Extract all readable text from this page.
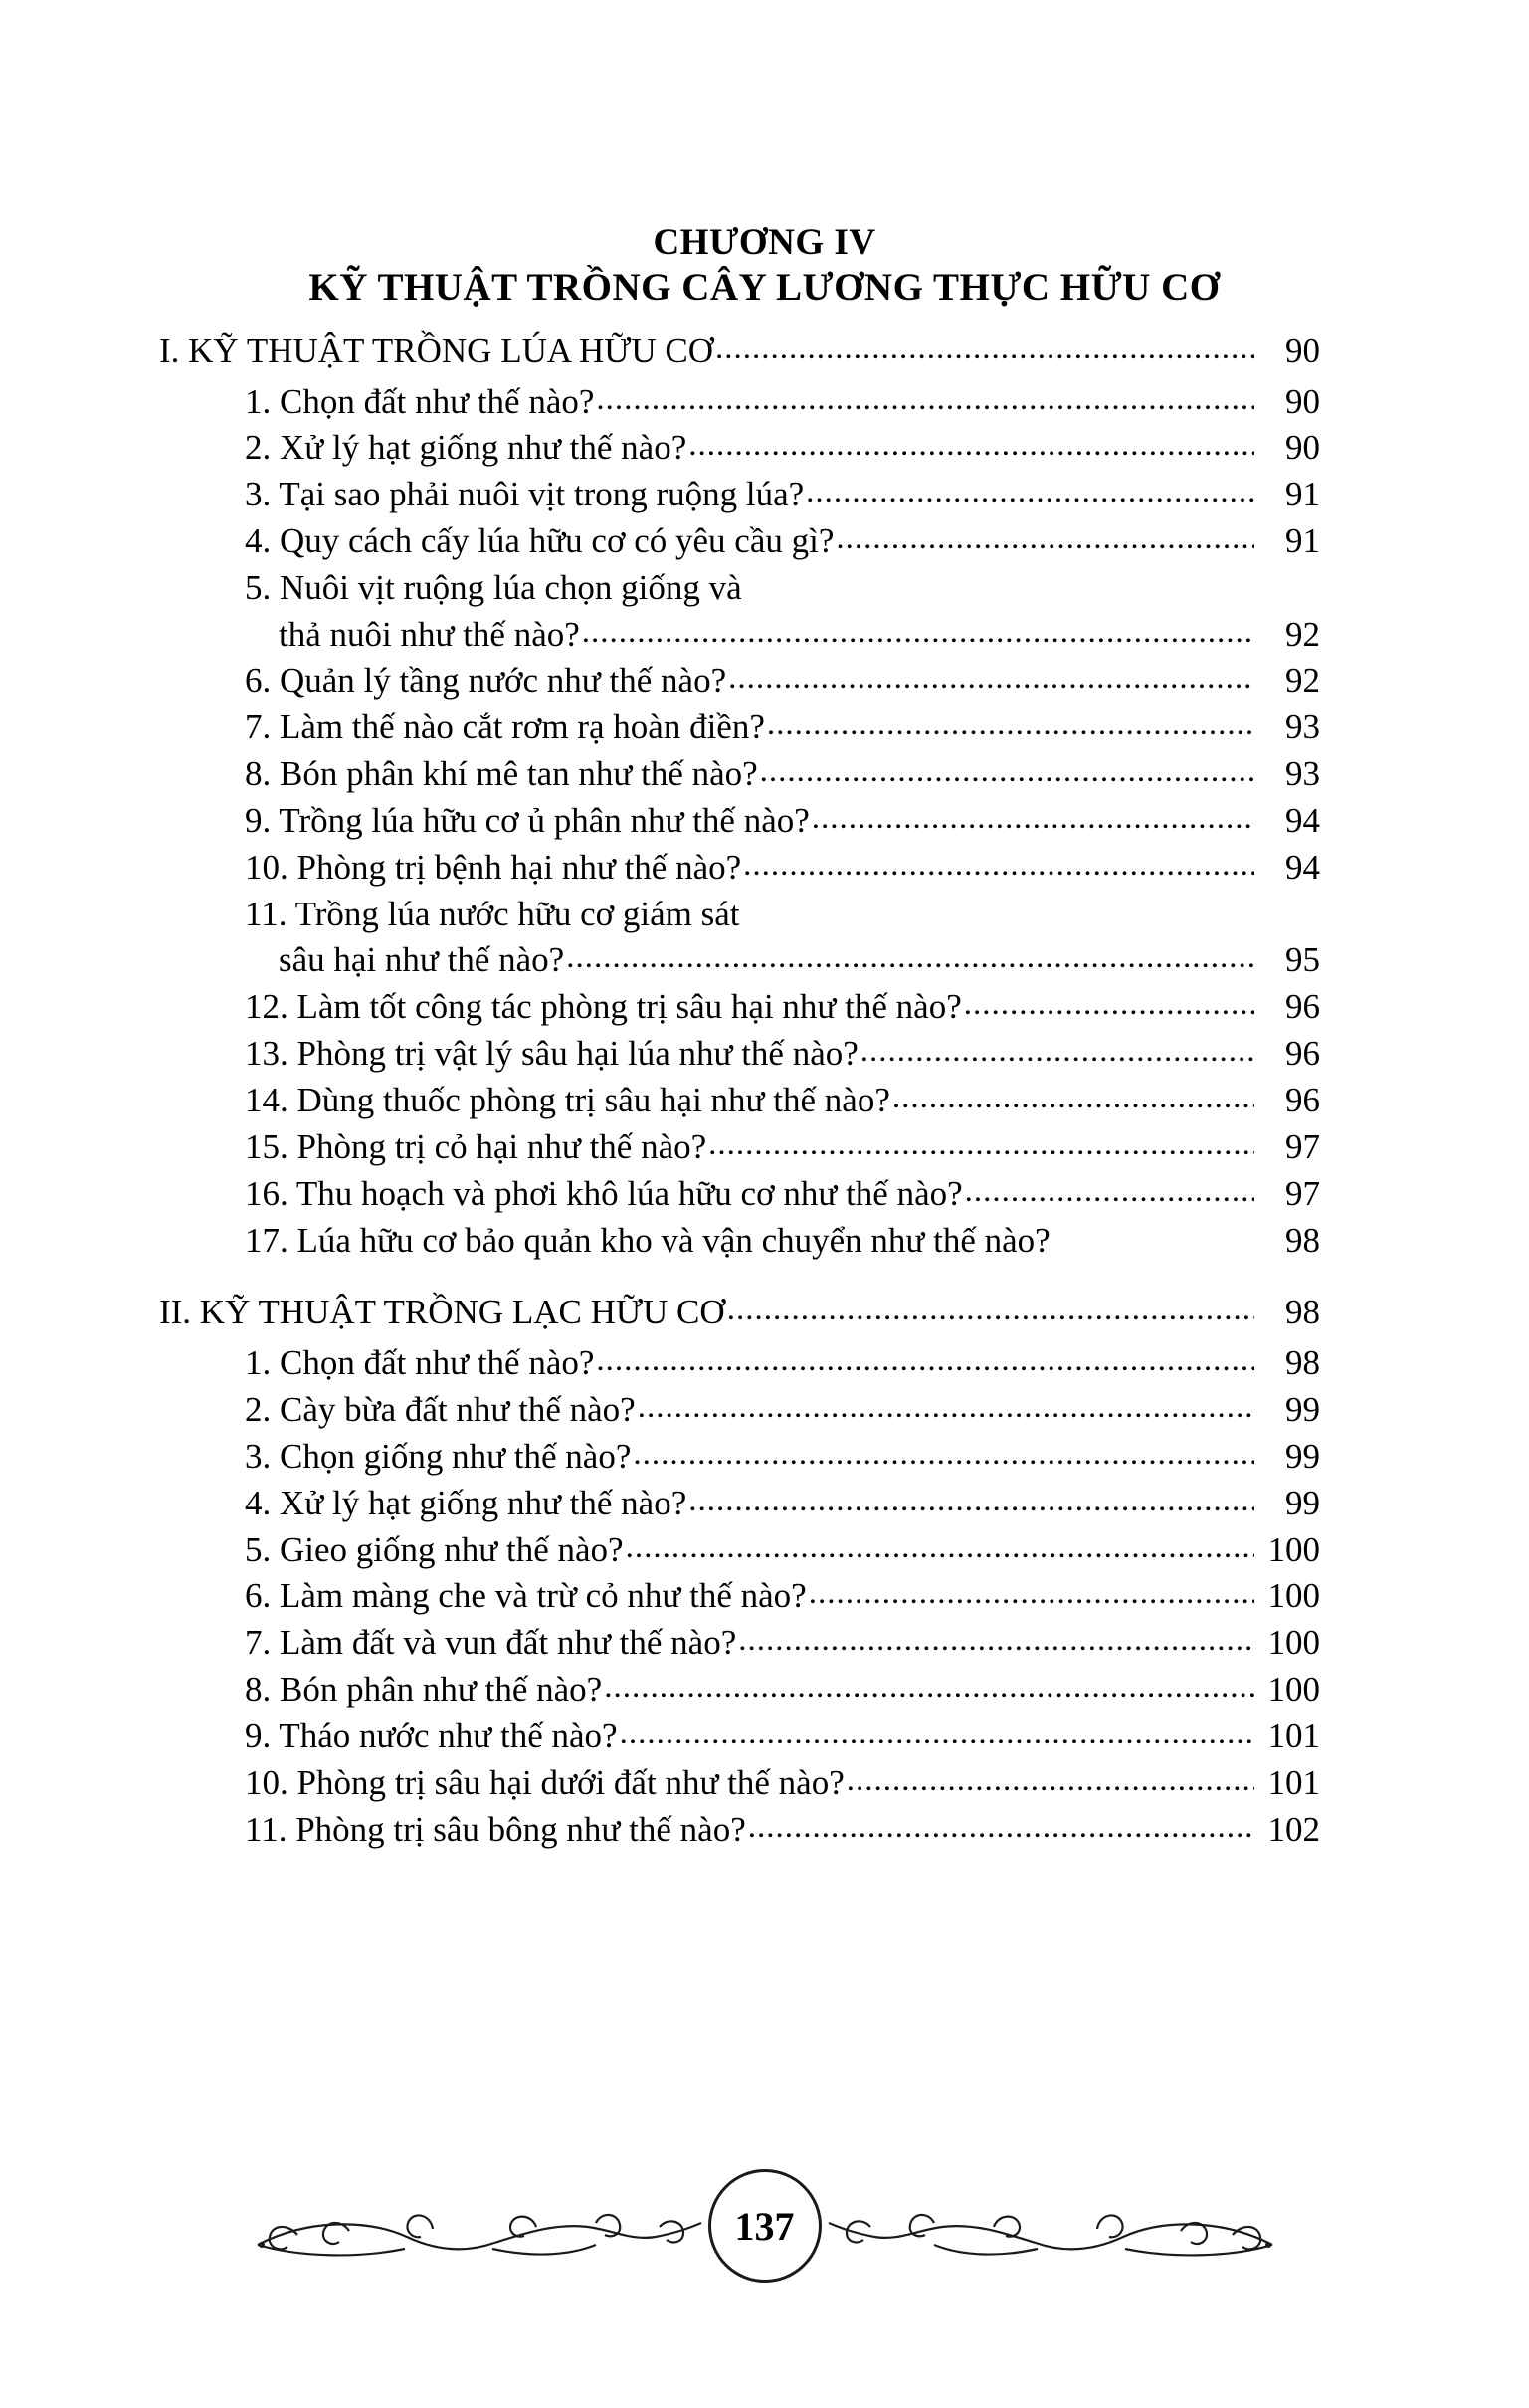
CHƯƠNG IV
KỸ THUẬT TRỒNG CÂY LƯƠNG THỰC HỮU CƠ
I. KỸ THUẬT TRỒNG LÚA HỮU CƠ .....	90
1. Chọn đất như thế nào? .....	90
2. Xử lý hạt giống như thế nào? .....	90
3. Tại sao phải nuôi vịt trong ruộng lúa? .....	91
4. Quy cách cấy lúa hữu cơ có yêu cầu gì? .....	91
5. Nuôi vịt ruộng lúa chọn giống và
thả nuôi như thế nào? .....	92
6. Quản lý tầng nước như thế nào? .....	92
7. Làm thế nào cắt rơm rạ hoàn điền? .....	93
8. Bón phân khí mê tan như thế nào? .....	93
9. Trồng lúa hữu cơ ủ phân như thế nào? .....	94
10. Phòng trị bệnh hại như thế nào? .....	94
11. Trồng lúa nước hữu cơ giám sát
sâu hại như thế nào? .....	95
12. Làm tốt công tác phòng trị sâu hại như thế nào? .....	96
13. Phòng trị vật lý sâu hại lúa như thế nào? .....	96
14. Dùng thuốc phòng trị sâu hại như thế nào? .....	96
15. Phòng trị cỏ hại như thế nào? .....	97
16. Thu hoạch và phơi khô lúa hữu cơ như thế nào? .....	97
17. Lúa hữu cơ bảo quản kho và vận chuyển như thế nào?	98
II. KỸ THUẬT TRỒNG LẠC HỮU CƠ .....	98
1. Chọn đất như thế nào? .....	98
2. Cày bừa đất như thế nào? .....	99
3. Chọn giống như thế nào? .....	99
4. Xử lý hạt giống như thế nào? .....	99
5. Gieo giống như thế nào? .....	100
6. Làm màng che và trừ cỏ như thế nào? .....	100
7. Làm đất và vun đất như thế nào? .....	100
8. Bón phân như thế nào? .....	100
9. Tháo nước như thế nào? .....	101
10. Phòng trị sâu hại dưới đất như thế nào? .....	101
11. Phòng trị sâu bông như thế nào? .....	102
137
